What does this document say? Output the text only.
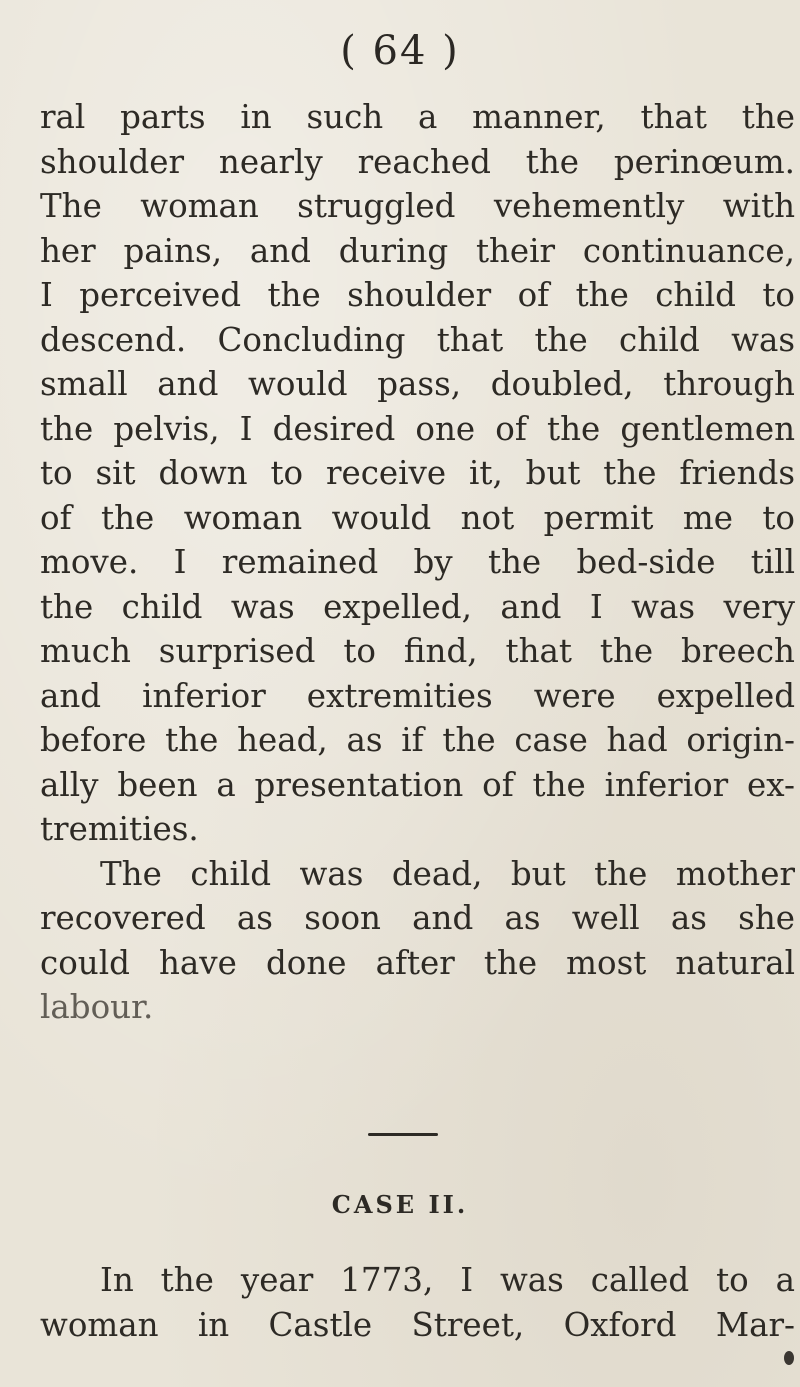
( 64 )
ral parts in such a manner, that the
shoulder nearly reached the perinœum.
The woman struggled vehemently with
her pains, and during their continuance,
I perceived the shoulder of the child to
descend. Concluding that the child was
small and would pass, doubled, through
the pelvis, I desired one of the gentlemen
to sit down to receive it, but the friends
of the woman would not permit me to
move. I remained by the bed-side till
the child was expelled, and I was very
much surprised to find, that the breech
and inferior extremities were expelled
before the head, as if the case had origin-
ally been a presentation of the inferior ex-
tremities.
The child was dead, but the mother
recovered as soon and as well as she
could have done after the most natural
labour.
CASE II.
In the year 1773, I was called to a
woman in Castle Street, Oxford Mar-
